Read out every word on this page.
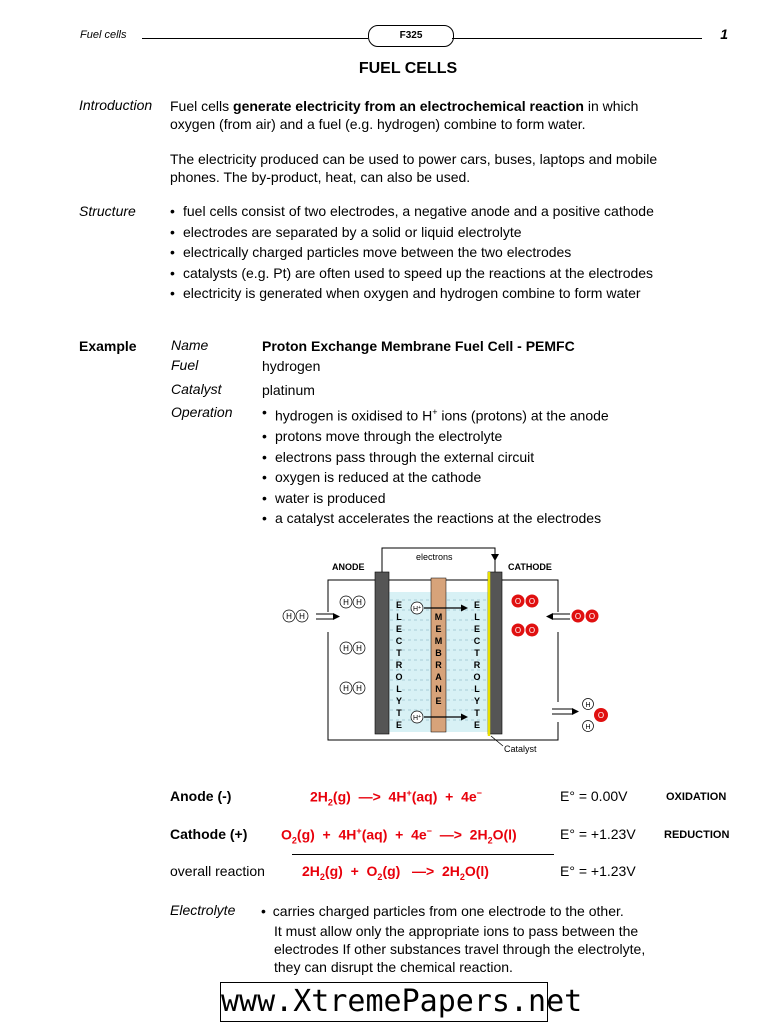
Fuel cells	F325	1
FUEL CELLS
Introduction Fuel cells generate electricity from an electrochemical reaction in which
oxygen (from air) and a fuel (e.g. hydrogen) combine to form water.
The electricity produced can be used to power cars, buses, laptops and mobile
phones. The by-product, heat, can also be used.
Structure	• fuel cells consist of two electrodes, a negative anode and a positive cathode
• electrodes are separated by a solid or liquid electrolyte
• electrically charged particles move between the two electrodes
• catalysts (e.g. Pt) are often used to speed up the reactions at the electrodes
• electricity is generated when oxygen and hydrogen combine to form water
Example Name	Proton Exchange Membrane Fuel Cell - PEMFC
Fuel	hydrogen
Catalyst	platinum
Operation	• hydrogen is oxidised to H+ ions (protons) at the anode
• protons move through the electrolyte
• electrons pass through the external circuit
• oxygen is reduced at the cathode
• water is produced
• a catalyst accelerates the reactions at the electrodes
electrons
ANODE	CATHODE
E
L
E
C
T
R
O
L
Y
T
E
E
L
E
C
T
R
O
L
Y
T
E
M
E
M
B
R
A
N
E
H+
H+
H H
H H
H H
H H
O O
O O
O O
H
H
O
Catalyst
Anode (-)	$2H_2(g)$  —>  4H+(aq)  +  4e−	E° = 0.00V	OXIDATION
Cathode (+) $O_2(g) + 4H^+(aq) + 4e^-$  —>  $2H_2O(l)$	E° = +1.23V	REDUCTION
overall reaction	$2H_2(g) + O_2(g)$   —>  $2H_2O(l)$	E° = +1.23V
Electrolyte • carries charged particles from one electrode to the other.
It must allow only the appropriate ions to pass between the
electrodes If other substances travel through the electrolyte,
they can disrupt the chemical reaction.
www.XtremePapers.net
